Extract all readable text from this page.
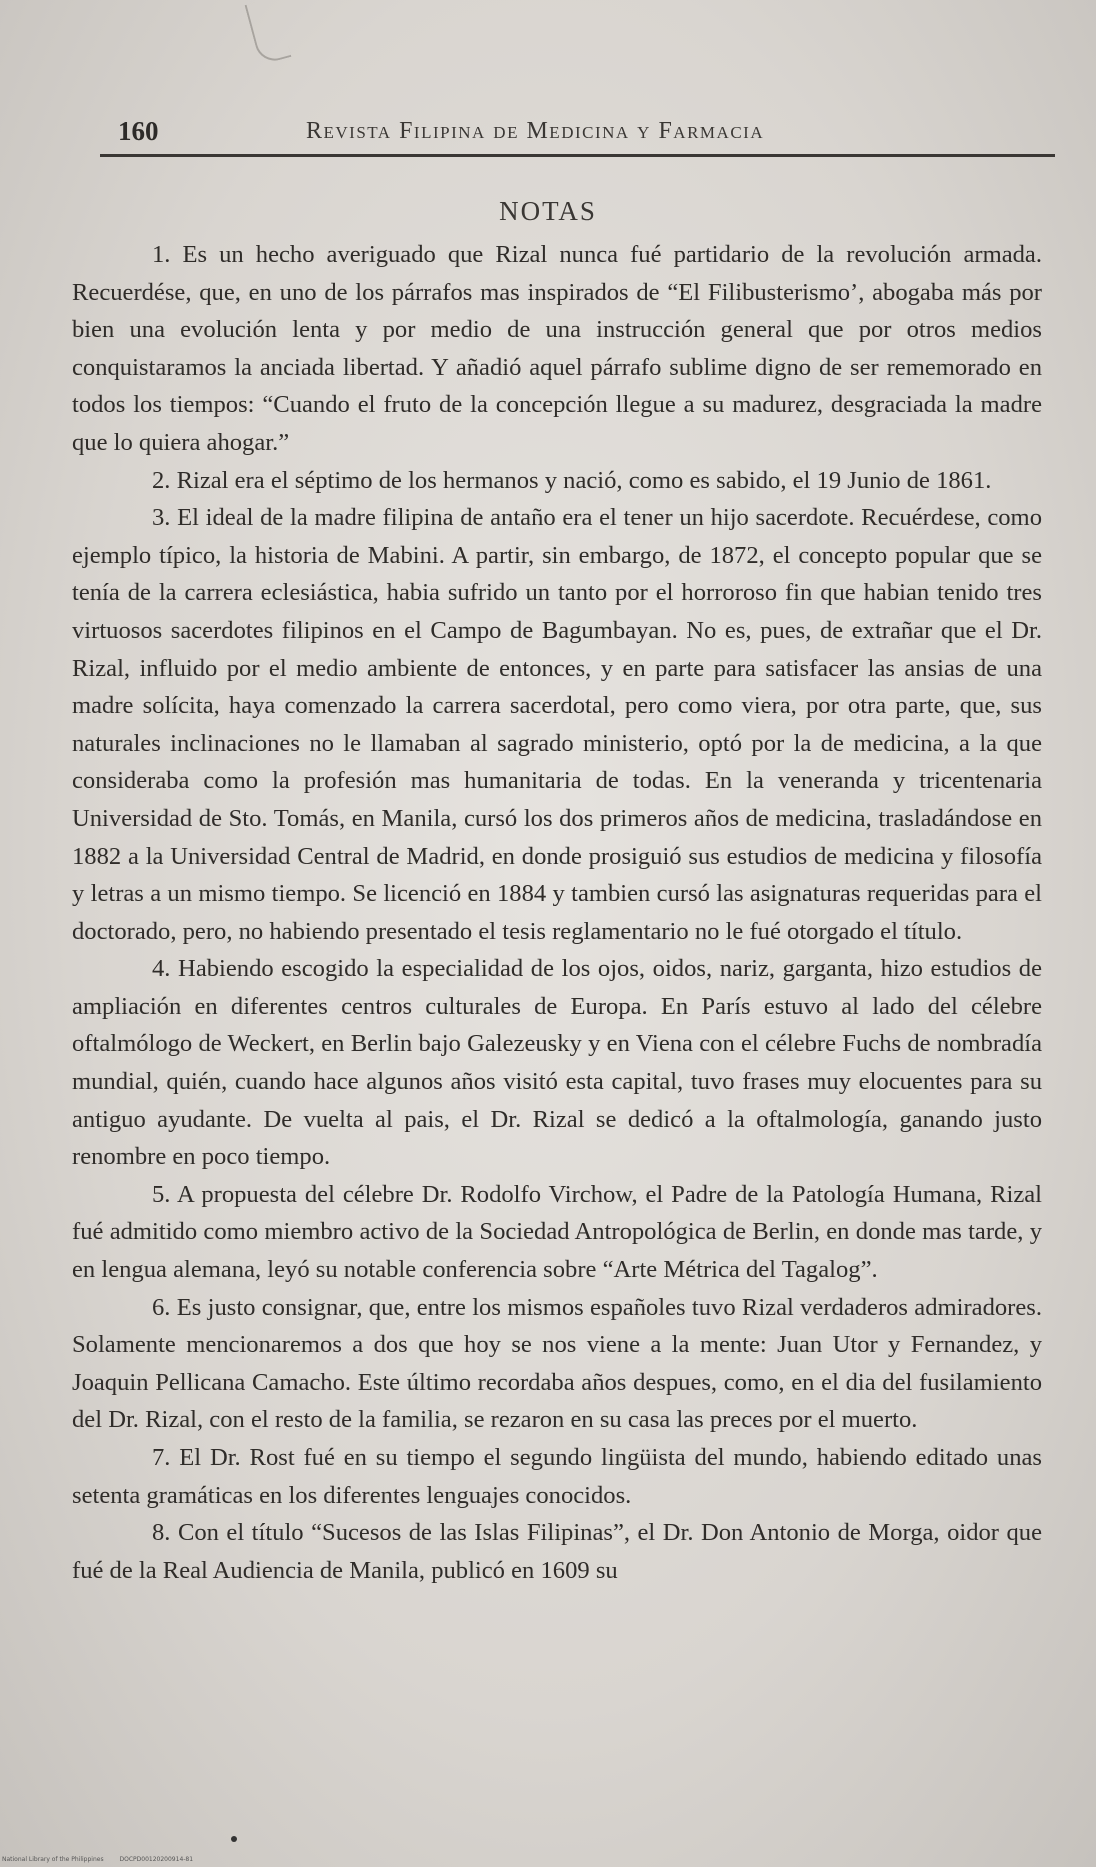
160	Revista Filipina de Medicina y Farmacia
NOTAS

1. Es un hecho averiguado que Rizal nunca fué partidario de la revolución armada. Recuerdése, que, en uno de los párrafos mas inspirados de “El Filibusterismo’, abogaba más por bien una evolución lenta y por medio de una instrucción general que por otros medios conquistaramos la anciada libertad. Y añadió aquel párrafo sublime digno de ser rememorado en todos los tiempos: “Cuando el fruto de la concepción llegue a su madurez, desgraciada la madre que lo quiera ahogar.”

2. Rizal era el séptimo de los hermanos y nació, como es sabido, el 19 Junio de 1861.

3. El ideal de la madre filipina de antaño era el tener un hijo sacerdote. Recuérdese, como ejemplo típico, la historia de Mabini. A partir, sin embargo, de 1872, el concepto popular que se tenía de la carrera eclesiástica, habia sufrido un tanto por el horroroso fin que habian tenido tres virtuosos sacerdotes filipinos en el Campo de Bagumbayan. No es, pues, de extrañar que el Dr. Rizal, influido por el medio ambiente de entonces, y en parte para satisfacer las ansias de una madre solícita, haya comenzado la carrera sacerdotal, pero como viera, por otra parte, que, sus naturales inclinaciones no le llamaban al sagrado ministerio, optó por la de medicina, a la que consideraba como la profesión mas humanitaria de todas. En la veneranda y tricentenaria Universidad de Sto. Tomás, en Manila, cursó los dos primeros años de medicina, trasladándose en 1882 a la Universidad Central de Madrid, en donde prosiguió sus estudios de medicina y filosofía y letras a un mismo tiempo. Se licenció en 1884 y tambien cursó las asignaturas requeridas para el doctorado, pero, no habiendo presentado el tesis reglamentario no le fué otorgado el título.

4. Habiendo escogido la especialidad de los ojos, oidos, nariz, garganta, hizo estudios de ampliación en diferentes centros culturales de Europa. En París estuvo al lado del célebre oftalmólogo de Weckert, en Berlin bajo Galezeusky y en Viena con el célebre Fuchs de nombradía mundial, quién, cuando hace algunos años visitó esta capital, tuvo frases muy elocuentes para su antiguo ayudante. De vuelta al pais, el Dr. Rizal se dedicó a la oftalmología, ganando justo renombre en poco tiempo.

5. A propuesta del célebre Dr. Rodolfo Virchow, el Padre de la Patología Humana, Rizal fué admitido como miembro activo de la Sociedad Antropológica de Berlin, en donde mas tarde, y en lengua alemana, leyó su notable conferencia sobre “Arte Métrica del Tagalog”.

6. Es justo consignar, que, entre los mismos españoles tuvo Rizal verdaderos admiradores. Solamente mencionaremos a dos que hoy se nos viene a la mente: Juan Utor y Fernandez, y Joaquin Pellicana Camacho. Este último recordaba años despues, como, en el dia del fusilamiento del Dr. Rizal, con el resto de la familia, se rezaron en su casa las preces por el muerto.

7. El Dr. Rost fué en su tiempo el segundo lingüista del mundo, habiendo editado unas setenta gramáticas en los diferentes lenguajes conocidos.

8. Con el título “Sucesos de las Islas Filipinas”, el Dr. Don Antonio de Morga, oidor que fué de la Real Audiencia de Manila, publicó en 1609 su

National Library of the Philippines	DOCPD00120200914-81
